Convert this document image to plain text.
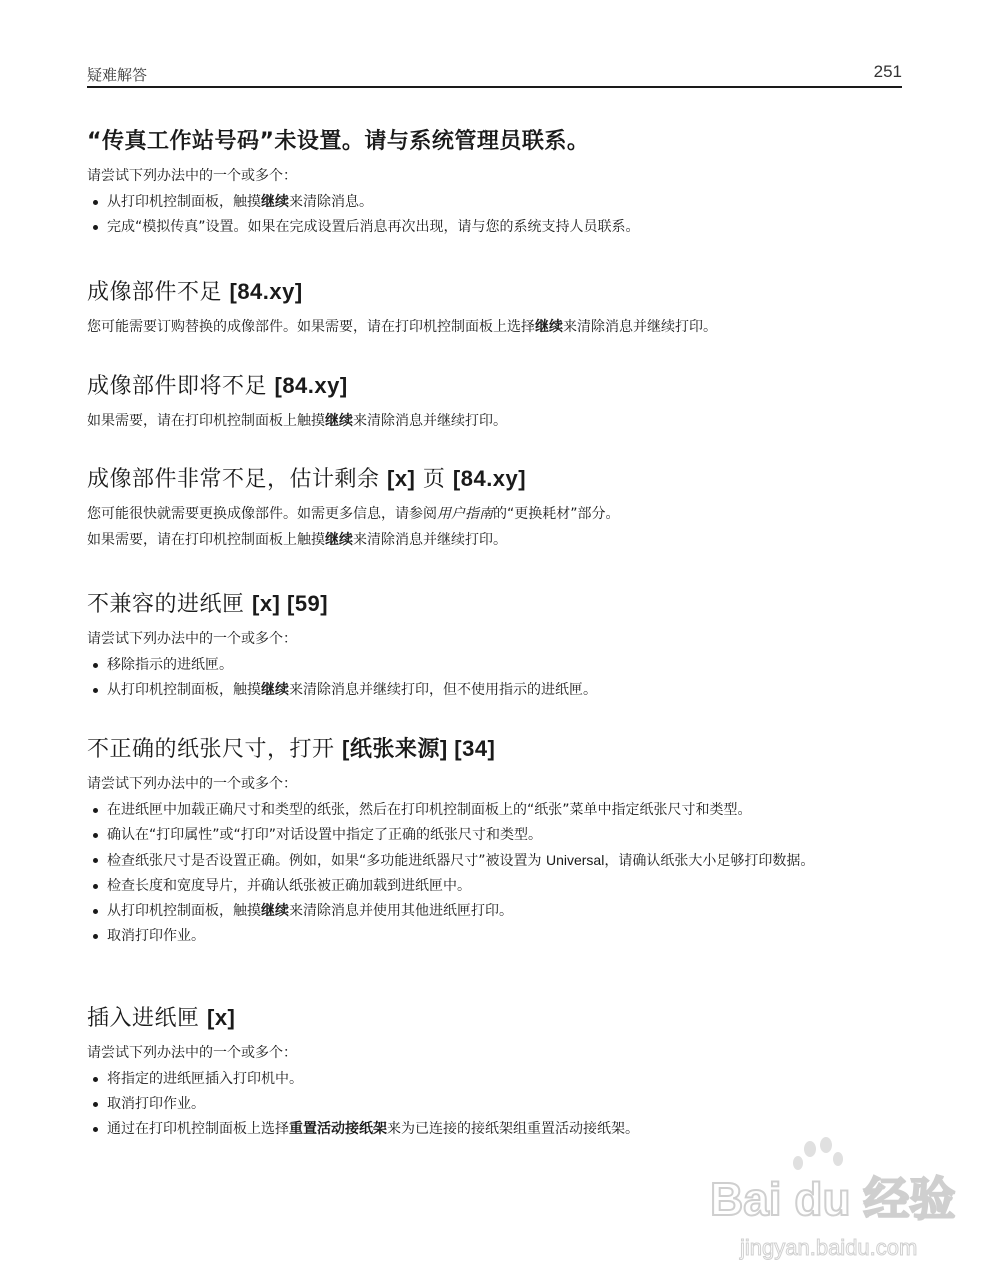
疑难解答	251
“传真工作站号码”未设置。请与系统管理员联系。

请尝试下列办法中的一个或多个：

从打印机控制面板，触摸继续来清除消息。
完成“模拟传真”设置。如果在完成设置后消息再次出现，请与您的系统支持人员联系。
成像部件不足 [84.xy]

您可能需要订购替换的成像部件。如果需要，请在打印机控制面板上选择继续来清除消息并继续打印。

成像部件即将不足 [84.xy]

如果需要，请在打印机控制面板上触摸继续来清除消息并继续打印。

成像部件非常不足，估计剩余 [x] 页 [84.xy]

您可能很快就需要更换成像部件。如需更多信息，请参阅用户指南的“更换耗材”部分。

如果需要，请在打印机控制面板上触摸继续来清除消息并继续打印。

不兼容的进纸匣 [x] [59]

请尝试下列办法中的一个或多个：

移除指示的进纸匣。
从打印机控制面板，触摸继续来清除消息并继续打印，但不使用指示的进纸匣。
不正确的纸张尺寸，打开 [纸张来源] [34]

请尝试下列办法中的一个或多个：

在进纸匣中加载正确尺寸和类型的纸张，然后在打印机控制面板上的“纸张”菜单中指定纸张尺寸和类型。
确认在“打印属性”或“打印”对话设置中指定了正确的纸张尺寸和类型。
检查纸张尺寸是否设置正确。例如，如果“多功能进纸器尺寸”被设置为 Universal，请确认纸张大小足够打印数据。
检查长度和宽度导片，并确认纸张被正确加载到进纸匣中。
从打印机控制面板，触摸继续来清除消息并使用其他进纸匣打印。
取消打印作业。
插入进纸匣 [x]

请尝试下列办法中的一个或多个：

将指定的进纸匣插入打印机中。
取消打印作业。
通过在打印机控制面板上选择重置活动接纸架来为已连接的接纸架组重置活动接纸架。
Bai du 经验
jingyan.baidu.com
